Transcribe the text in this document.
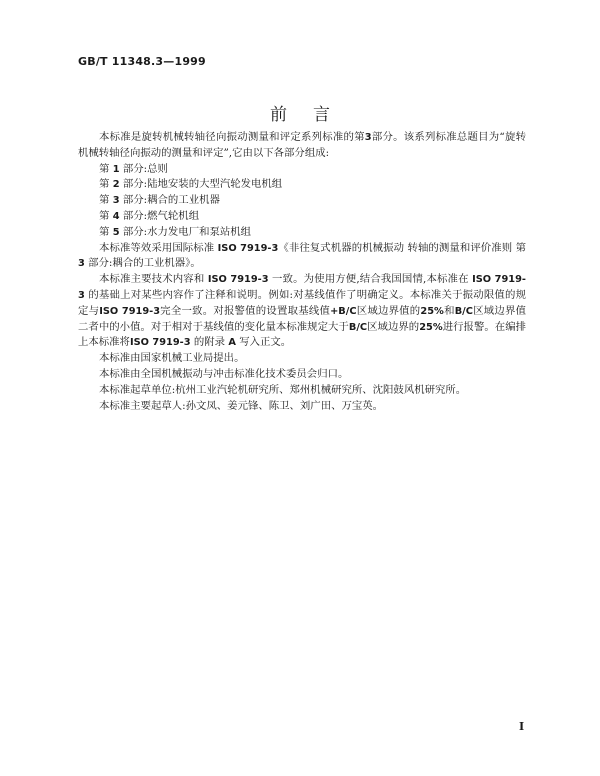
GB/T 11348.3—1999
前言

本标准是旋转机械转轴径向振动测量和评定系列标准的第3部分。该系列标准总题目为“旋转机械转轴径向振动的测量和评定”,它由以下各部分组成:

第 1 部分:总则

第 2 部分:陆地安装的大型汽轮发电机组

第 3 部分:耦合的工业机器

第 4 部分:燃气轮机组

第 5 部分:水力发电厂和泵站机组

本标准等效采用国际标准 ISO 7919-3《非往复式机器的机械振动 转轴的测量和评价准则 第 3 部分:耦合的工业机器》。

本标准主要技术内容和 ISO 7919-3 一致。为使用方便,结合我国国情,本标准在 ISO 7919-3 的基础上对某些内容作了注释和说明。例如:对基线值作了明确定义。本标准关于振动限值的规定与ISO 7919-3完全一致。对报警值的设置取基线值+B/C区域边界值的25%和B/C区域边界值二者中的小值。对于相对于基线值的变化量本标准规定大于B/C区域边界的25%进行报警。在编排上本标准将ISO 7919-3 的附录 A 写入正文。

本标准由国家机械工业局提出。

本标准由全国机械振动与冲击标准化技术委员会归口。

本标准起草单位:杭州工业汽轮机研究所、郑州机械研究所、沈阳鼓风机研究所。

本标准主要起草人:孙文凤、姜元锋、陈卫、刘广田、万宝英。

I
